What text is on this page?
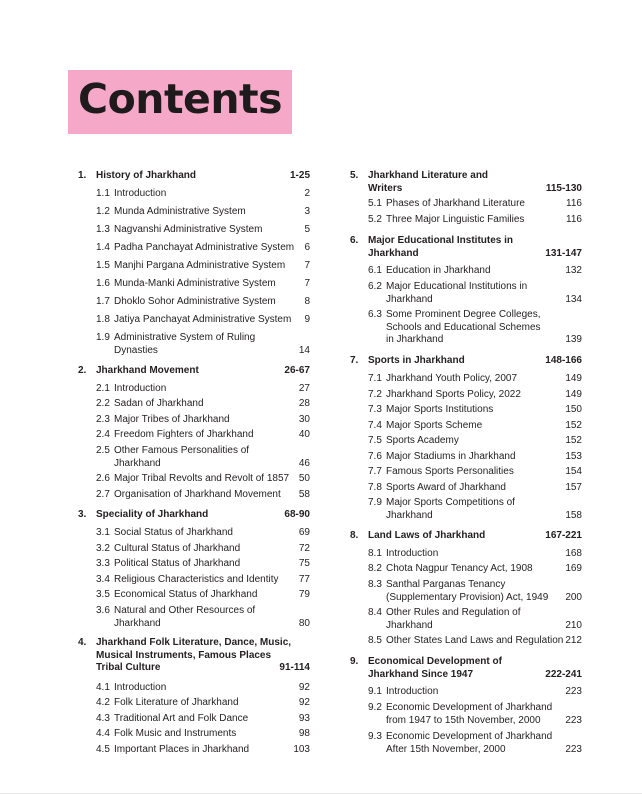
Contents
1. History of Jharkhand	1-25
1.1 Introduction	2
1.2 Munda Administrative System	3
1.3 Nagvanshi Administrative System	5
1.4 Padha Panchayat Administrative System 6
1.5 Manjhi Pargana Administrative System 7
1.6 Munda-Manki Administrative System	7
1.7 Dhoklo Sohor Administrative System	8
1.8 Jatiya Panchayat Administrative System 9
1.9 Administrative System of Ruling
Dynasties	14
2. Jharkhand Movement	26-67
2.1 Introduction	27
2.2 Sadan of Jharkhand	28
2.3 Major Tribes of Jharkhand	30
2.4 Freedom Fighters of Jharkhand	40
2.5 Other Famous Personalities of
Jharkhand	46
2.6 Major Tribal Revolts and Revolt of 1857 50
2.7 Organisation of Jharkhand Movement 58
3. Speciality of Jharkhand	68-90
3.1 Social Status of Jharkhand	69
3.2 Cultural Status of Jharkhand	72
3.3 Political Status of Jharkhand	75
3.4 Religious Characteristics and Identity 77
3.5 Economical Status of Jharkhand	79
3.6 Natural and Other Resources of
Jharkhand	80
4. Jharkhand Folk Literature, Dance, Music,
Musical Instruments, Famous Places
Tribal Culture	91-114
4.1 Introduction	92
4.2 Folk Literature of Jharkhand	92
4.3 Traditional Art and Folk Dance	93
4.4 Folk Music and Instruments	98
4.5 Important Places in Jharkhand	103
5. Jharkhand Literature and
Writers	115-130
5.1 Phases of Jharkhand Literature	116
5.2 Three Major Linguistic Families	116
6. Major Educational Institutes in
Jharkhand	131-147
6.1 Education in Jharkhand	132
6.2 Major Educational Institutions in
Jharkhand	134
6.3 Some Prominent Degree Colleges,
Schools and Educational Schemes
in Jharkhand	139
7. Sports in Jharkhand	148-166
7.1 Jharkhand Youth Policy, 2007	149
7.2 Jharkhand Sports Policy, 2022	149
7.3 Major Sports Institutions	150
7.4 Major Sports Scheme	152
7.5 Sports Academy	152
7.6 Major Stadiums in Jharkhand	153
7.7 Famous Sports Personalities	154
7.8 Sports Award of Jharkhand	157
7.9 Major Sports Competitions of
Jharkhand	158
8. Land Laws of Jharkhand	167-221
8.1 Introduction	168
8.2 Chota Nagpur Tenancy Act, 1908	169
8.3 Santhal Parganas Tenancy
(Supplementary Provision) Act, 1949 200
8.4 Other Rules and Regulation of
Jharkhand	210
8.5 Other States Land Laws and Regulation 212
9. Economical Development of
Jharkhand Since 1947	222-241
9.1 Introduction	223
9.2 Economic Development of Jharkhand
from 1947 to 15th November, 2000	223
9.3 Economic Development of Jharkhand
After 15th November, 2000	223
